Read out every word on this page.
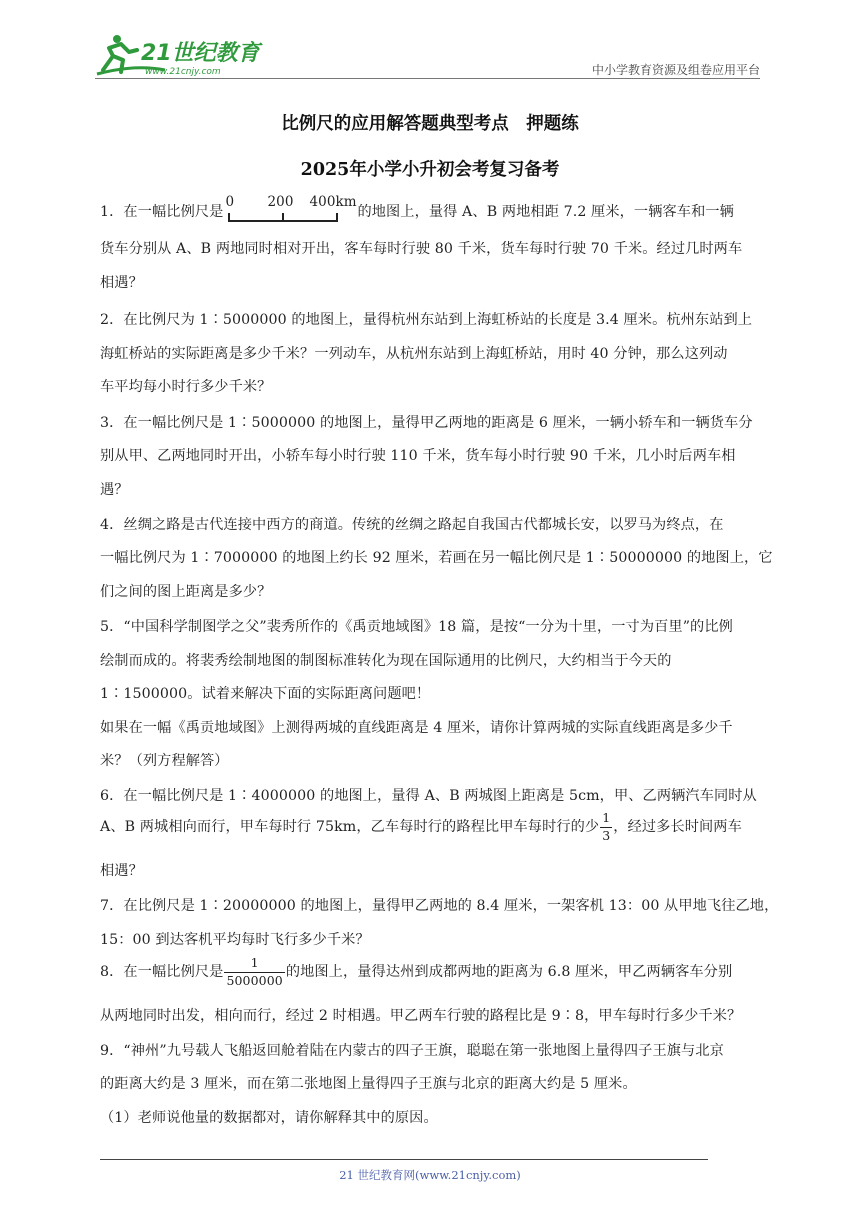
21世纪教育
www.21cnjy.com	中小学教育资源及组卷应用平台
比例尺的应用解答题典型考点　押题练
2025年小学小升初会考复习备考
1．在一幅比例尺是
0 200 400km
的地图上，量得 A、B 两地相距 7.2 厘米，一辆客车和一辆
货车分别从 A、B 两地同时相对开出，客车每时行驶 80 千米，货车每时行驶 70 千米。经过几时两车
相遇？
2．在比例尺为 1∶5000000 的地图上，量得杭州东站到上海虹桥站的长度是 3.4 厘米。杭州东站到上
海虹桥站的实际距离是多少千米？一列动车，从杭州东站到上海虹桥站，用时 40 分钟，那么这列动
车平均每小时行多少千米？
3．在一幅比例尺是 1∶5000000 的地图上，量得甲乙两地的距离是 6 厘米，一辆小轿车和一辆货车分
别从甲、乙两地同时开出，小轿车每小时行驶 110 千米，货车每小时行驶 90 千米，几小时后两车相
遇？
4．丝绸之路是古代连接中西方的商道。传统的丝绸之路起自我国古代都城长安，以罗马为终点，在
一幅比例尺为 1∶7000000 的地图上约长 92 厘米，若画在另一幅比例尺是 1∶50000000 的地图上，它
们之间的图上距离是多少？
5．“中国科学制图学之父”裴秀所作的《禹贡地域图》18 篇，是按“一分为十里，一寸为百里”的比例
绘制而成的。将裴秀绘制地图的制图标准转化为现在国际通用的比例尺，大约相当于今天的
1∶1500000。试着来解决下面的实际距离问题吧！
如果在一幅《禹贡地域图》上测得两城的直线距离是 4 厘米，请你计算两城的实际直线距离是多少千
米？（列方程解答）
6．在一幅比例尺是 1∶4000000 的地图上，量得 A、B 两城图上距离是 5cm，甲、乙两辆汽车同时从
A、B 两城相向而行，甲车每时行 75km，乙车每时行的路程比甲车每时行的少 $\frac{1}{3}$ ，经过多长时间两车
相遇？
7．在比例尺是 1∶20000000 的地图上，量得甲乙两地的 8.4 厘米，一架客机 13：00 从甲地飞往乙地，
15：00 到达客机平均每时飞行多少千米？
8．在一幅比例尺是 $\frac{1}{5000000}$ 的地图上，量得达州到成都两地的距离为 6.8 厘米，甲乙两辆客车分别
从两地同时出发，相向而行，经过 2 时相遇。甲乙两车行驶的路程比是 9∶8，甲车每时行多少千米？
9．“神州”九号载人飞船返回舱着陆在内蒙古的四子王旗，聪聪在第一张地图上量得四子王旗与北京
的距离大约是 3 厘米，而在第二张地图上量得四子王旗与北京的距离大约是 5 厘米。
（1）老师说他量的数据都对，请你解释其中的原因。
21 世纪教育网(www.21cnjy.com)
